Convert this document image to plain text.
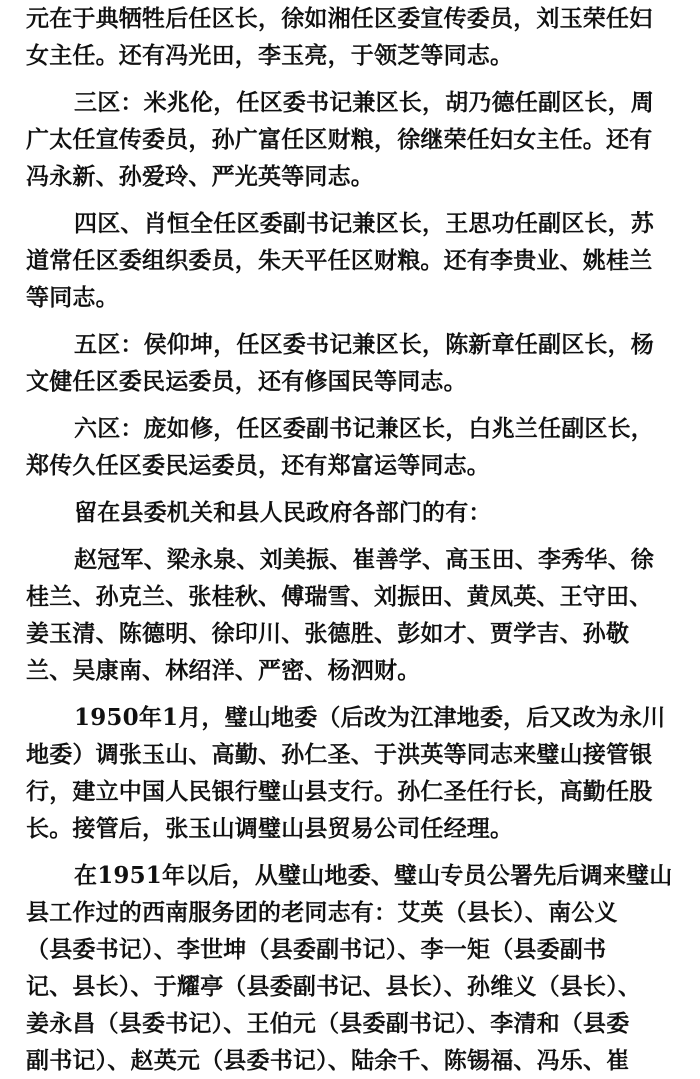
元在于典牺牲后任区长，徐如湘任区委宣传委员，刘玉荣任妇
女主任。还有冯光田，李玉亮，于领芝等同志。
三区：米兆伦，任区委书记兼区长，胡乃德任副区长，周
广太任宣传委员，孙广富任区财粮，徐继荣任妇女主任。还有
冯永新、孙爱玲、严光英等同志。
四区、肖恒全任区委副书记兼区长，王思功任副区长，苏
道常任区委组织委员，朱天平任区财粮。还有李贵业、姚桂兰
等同志。
五区：侯仰坤，任区委书记兼区长，陈新章任副区长，杨
文健任区委民运委员，还有修国民等同志。
六区：庞如修，任区委副书记兼区长，白兆兰任副区长，
郑传久任区委民运委员，还有郑富运等同志。
留在县委机关和县人民政府各部门的有：
赵冠军、梁永泉、刘美振、崔善学、高玉田、李秀华、徐
桂兰、孙克兰、张桂秋、傅瑞雪、刘振田、黄凤英、王守田、
姜玉清、陈德明、徐印川、张德胜、彭如才、贾学吉、孙敬
兰、吴康南、林绍洋、严密、杨泗财。
1950年1月，璧山地委（后改为江津地委，后又改为永川
地委）调张玉山、高勤、孙仁圣、于洪英等同志来璧山接管银
行，建立中国人民银行璧山县支行。孙仁圣任行长，高勤任股
长。接管后，张玉山调璧山县贸易公司任经理。
在1951年以后，从璧山地委、璧山专员公署先后调来璧山
县工作过的西南服务团的老同志有：艾英（县长）、南公义
（县委书记）、李世坤（县委副书记）、李一矩（县委副书
记、县长）、于耀亭（县委副书记、县长）、孙维义（县长）、
姜永昌（县委书记）、王伯元（县委副书记）、李清和（县委
副书记）、赵英元（县委书记）、陆余千、陈锡福、冯乐、崔
